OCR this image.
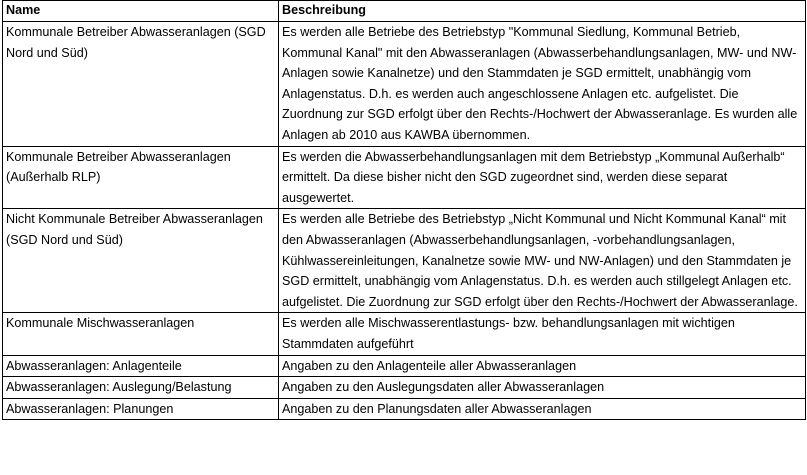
Name	Beschreibung
Kommunale Betreiber Abwasseranlagen (SGD Nord und Süd)	Es werden alle Betriebe des Betriebstyp "Kommunal Siedlung, Kommunal Betrieb, Kommunal Kanal" mit den Abwasseranlagen (Abwasserbehandlungsanlagen, MW- und NW-Anlagen sowie Kanalnetze) und den Stammdaten je SGD ermittelt, unabhängig vom Anlagenstatus. D.h. es werden auch angeschlossene Anlagen etc. aufgelistet. Die Zuordnung zur SGD erfolgt über den Rechts-/Hochwert der Abwasseranlage. Es wurden alle Anlagen ab 2010 aus KAWBA übernommen.
Kommunale Betreiber Abwasseranlagen (Außerhalb RLP)	Es werden die Abwasserbehandlungsanlagen mit dem Betriebstyp „Kommunal Außerhalb“ ermittelt. Da diese bisher nicht den SGD zugeordnet sind, werden diese separat ausgewertet.
Nicht Kommunale Betreiber Abwasseranlagen (SGD Nord und Süd)	Es werden alle Betriebe des Betriebstyp „Nicht Kommunal und Nicht Kommunal Kanal“ mit den Abwasseranlagen (Abwasserbehandlungsanlagen, -vorbehandlungsanlagen, Kühlwassereinleitungen, Kanalnetze sowie MW- und NW-Anlagen) und den Stammdaten je SGD ermittelt, unabhängig vom Anlagenstatus. D.h. es werden auch stillgelegt Anlagen etc. aufgelistet. Die Zuordnung zur SGD erfolgt über den Rechts-/Hochwert der Abwasseranlage.
Kommunale Mischwasseranlagen	Es werden alle Mischwasserentlastungs- bzw. behandlungsanlagen mit wichtigen Stammdaten aufgeführt
Abwasseranlagen: Anlagenteile	Angaben zu den Anlagenteile aller Abwasseranlagen
Abwasseranlagen: Auslegung/Belastung	Angaben zu den Auslegungsdaten aller Abwasseranlagen
Abwasseranlagen: Planungen	Angaben zu den Planungsdaten aller Abwasseranlagen
